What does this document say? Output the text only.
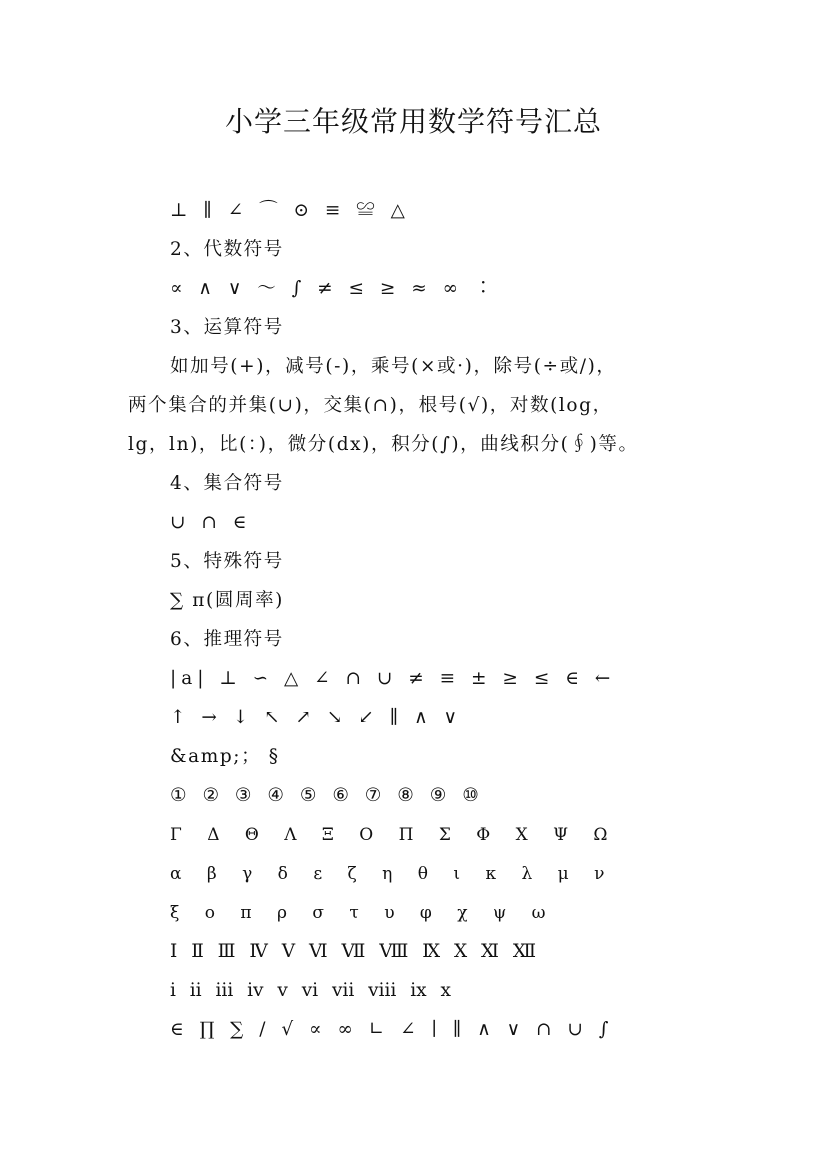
小学三年级常用数学符号汇总
⊥ ∥ ∠ ⌒ ⊙ ≡ ≌ △
2、代数符号
∝ ∧ ∨ ～ ∫ ≠ ≤ ≥ ≈ ∞ ∶
3、运算符号
如加号(+)，减号(-)，乘号(×或·)，除号(÷或/)，
两个集合的并集(∪)，交集(∩)，根号(√)，对数(log，
lg，ln)，比(：)，微分(dx)，积分(∫)，曲线积分(∮)等。
4、集合符号
∪ ∩ ∈
5、特殊符号
∑ π(圆周率)
6、推理符号
|a| ⊥ ∽ △ ∠ ∩ ∪ ≠ ≡ ± ≥ ≤ ∈ ←
↑ → ↓ ↖ ↗ ↘ ↙ ∥ ∧ ∨
&amp;； §
① ② ③ ④ ⑤ ⑥ ⑦ ⑧ ⑨ ⑩
Γ Δ Θ Λ Ξ Ο Π Σ Φ Χ Ψ Ω
α β γ δ ε ζ η θ ι κ λ μ ν
ξ ο π ρ σ τ υ φ χ ψ ω
Ⅰ Ⅱ Ⅲ Ⅳ Ⅴ Ⅵ Ⅶ Ⅷ Ⅸ Ⅹ Ⅺ Ⅻ
ⅰ ⅱ ⅲ ⅳ ⅴ ⅵ ⅶ ⅷ ⅸ ⅹ
∈ ∏ ∑ ∕ √ ∝ ∞ ∟ ∠ ∣ ∥ ∧ ∨ ∩ ∪ ∫
